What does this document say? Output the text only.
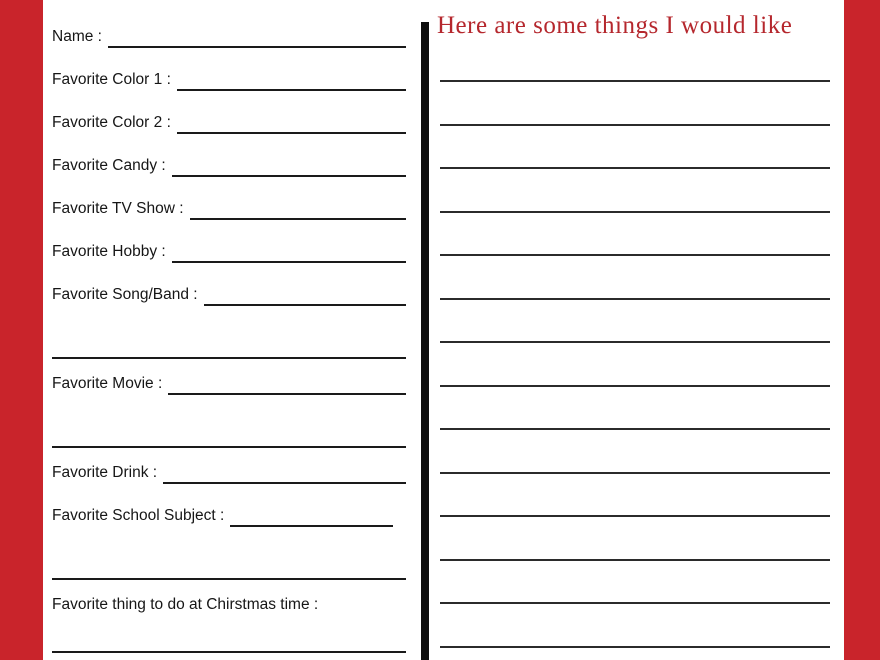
Name :
Favorite Color 1 :
Favorite Color 2 :
Favorite Candy :
Favorite TV Show :
Favorite Hobby :
Favorite Song/Band :
Favorite Movie :
Favorite Drink :
Favorite School Subject :
Favorite thing to do at Chirstmas time :
Here are some things I would like
